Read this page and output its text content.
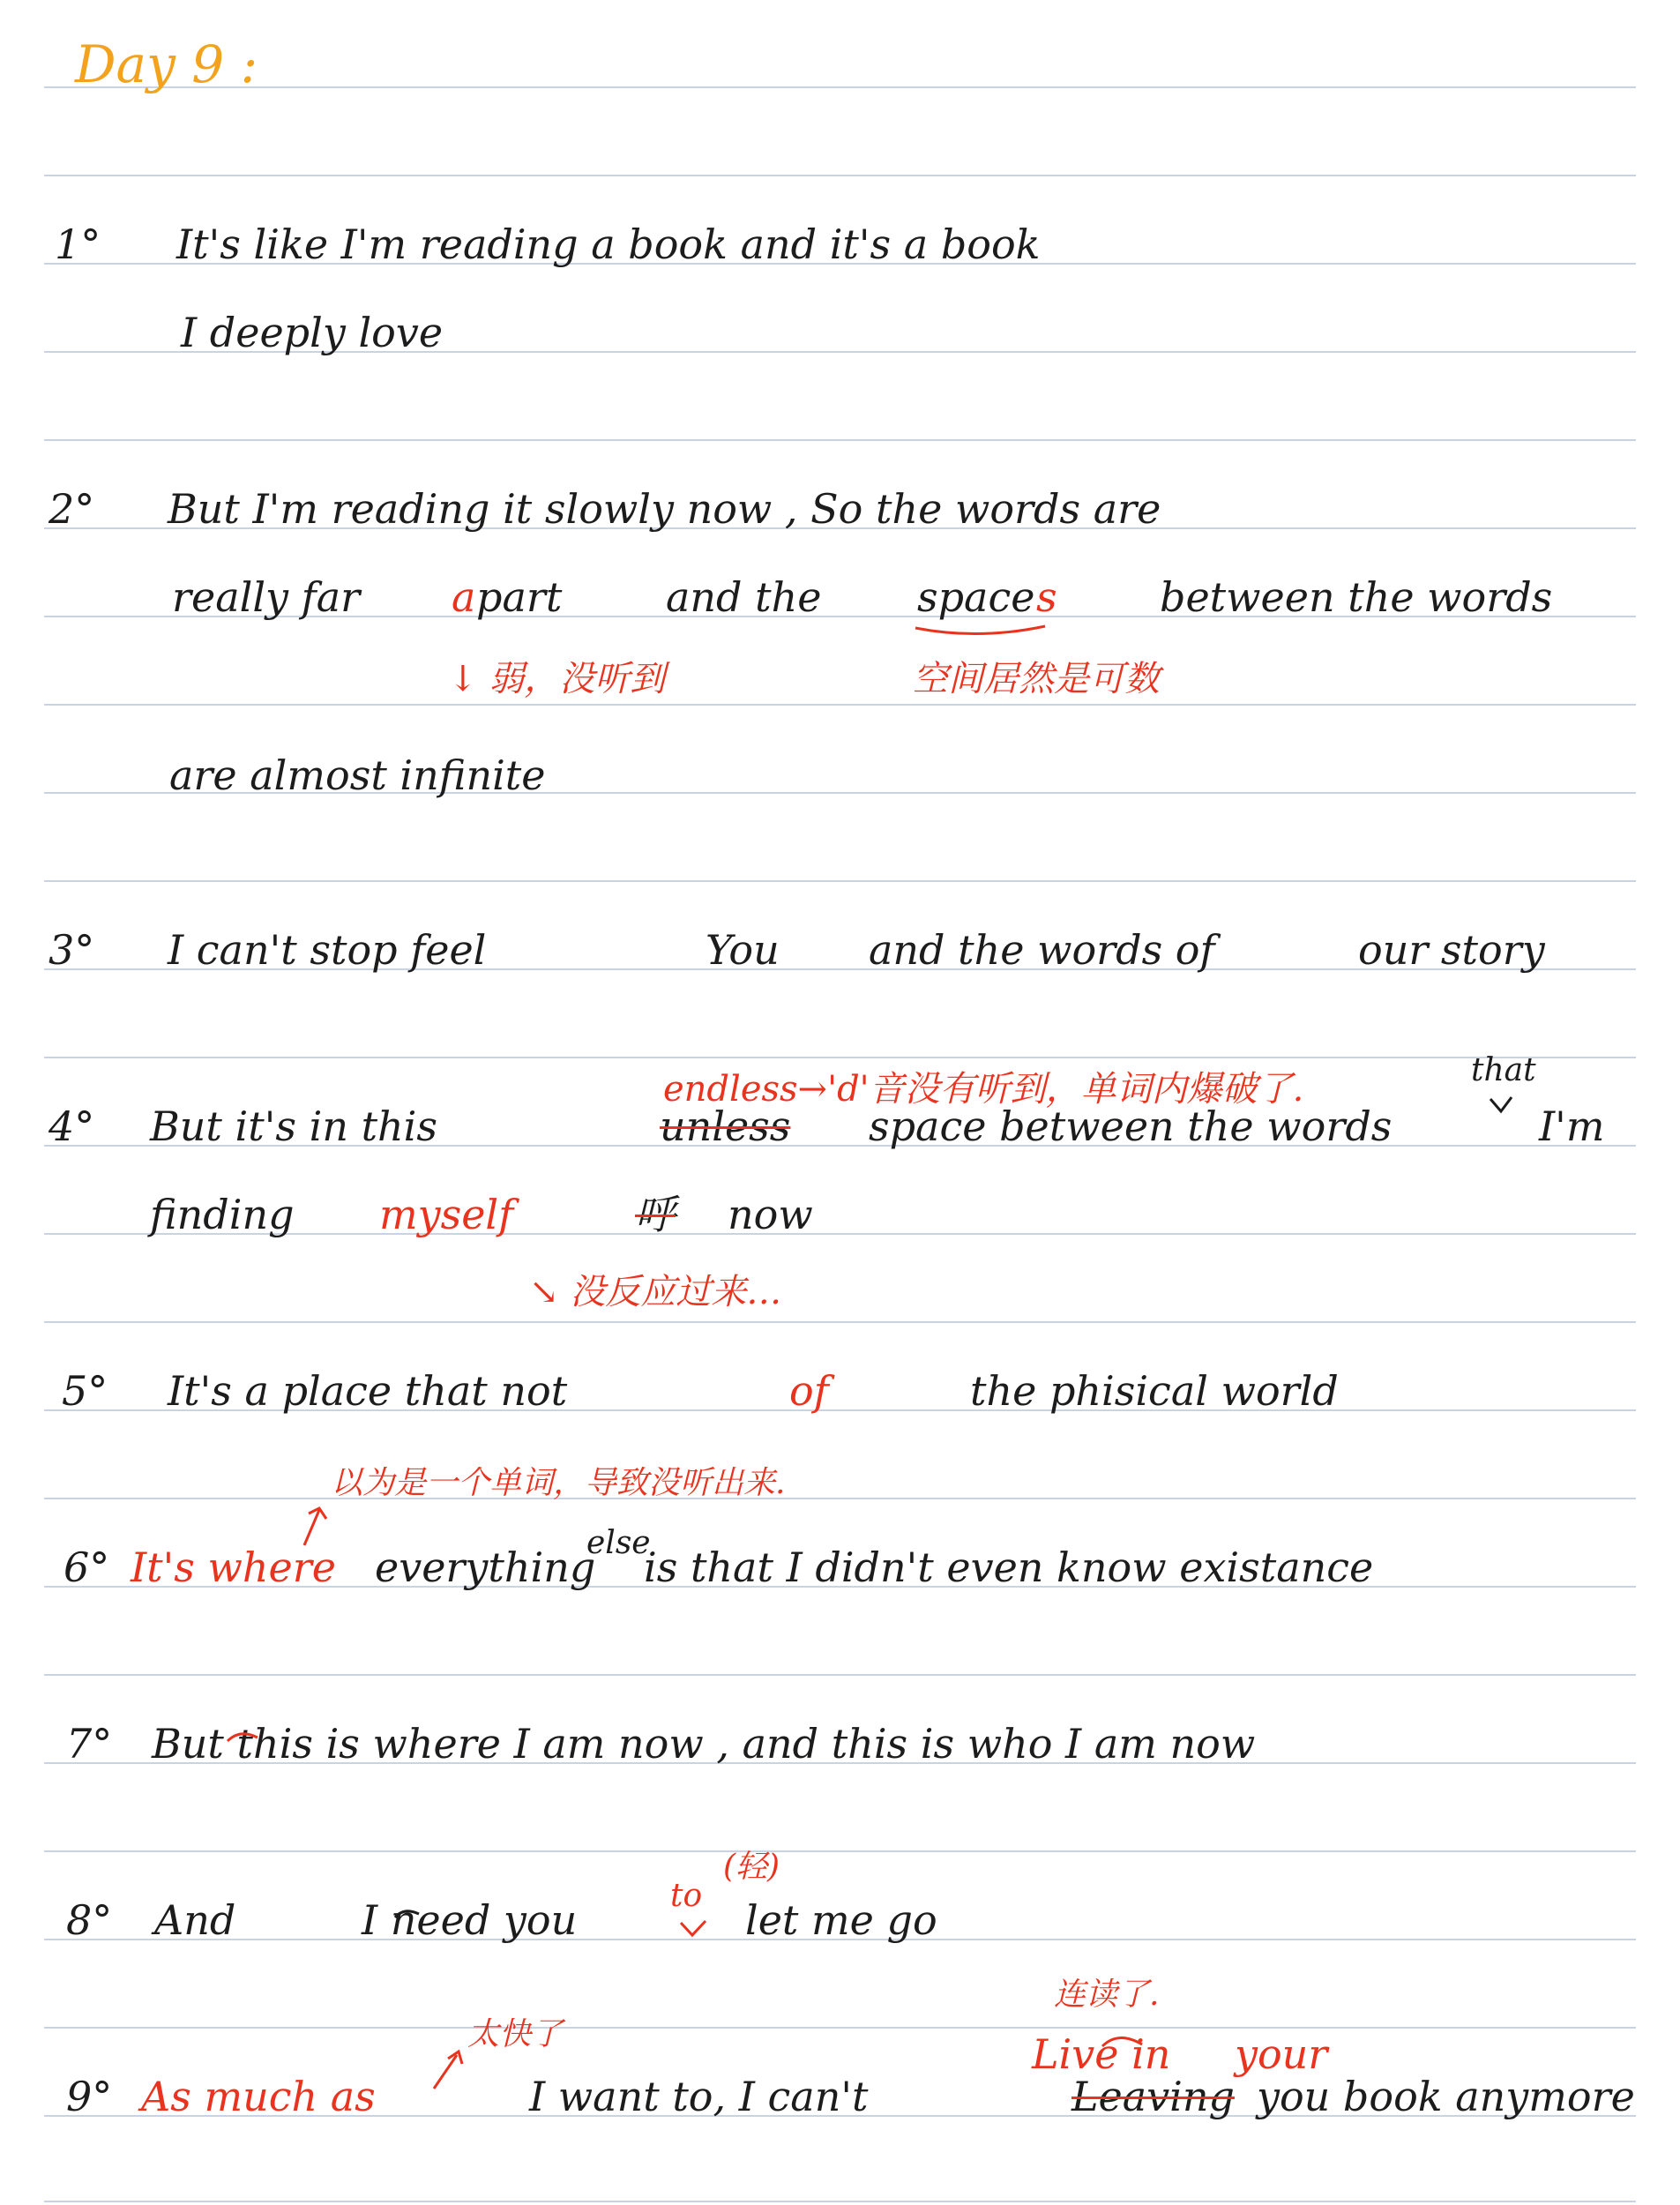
Day 9 :
1° It's like I'm reading a book and it's a book
I deeply love
2° But I'm reading it slowly now , So the words are
really far a part	and the space s	between the words
↓ 弱，没听到	空间居然是可数
are almost infinite
3° I can't stop feel	You and the words of	our story
endless→'d'音没有听到，单词内爆破了.	that
4° But it's in this	unless space between the words	I'm
finding myself	呼 now
↘ 没反应过来…
5° It's a place that not	of	the phisical world
以为是一个单词，导致没听出来.
6° It's where everything
else
is that I didn't even know existance
7° But this is where I am now , and this is who I am now
8° And	I need you
to
(轻)
let me go
连读了.
太快了	Live in your
9° As much as	I want to, I can't	Leaving you book anymore
